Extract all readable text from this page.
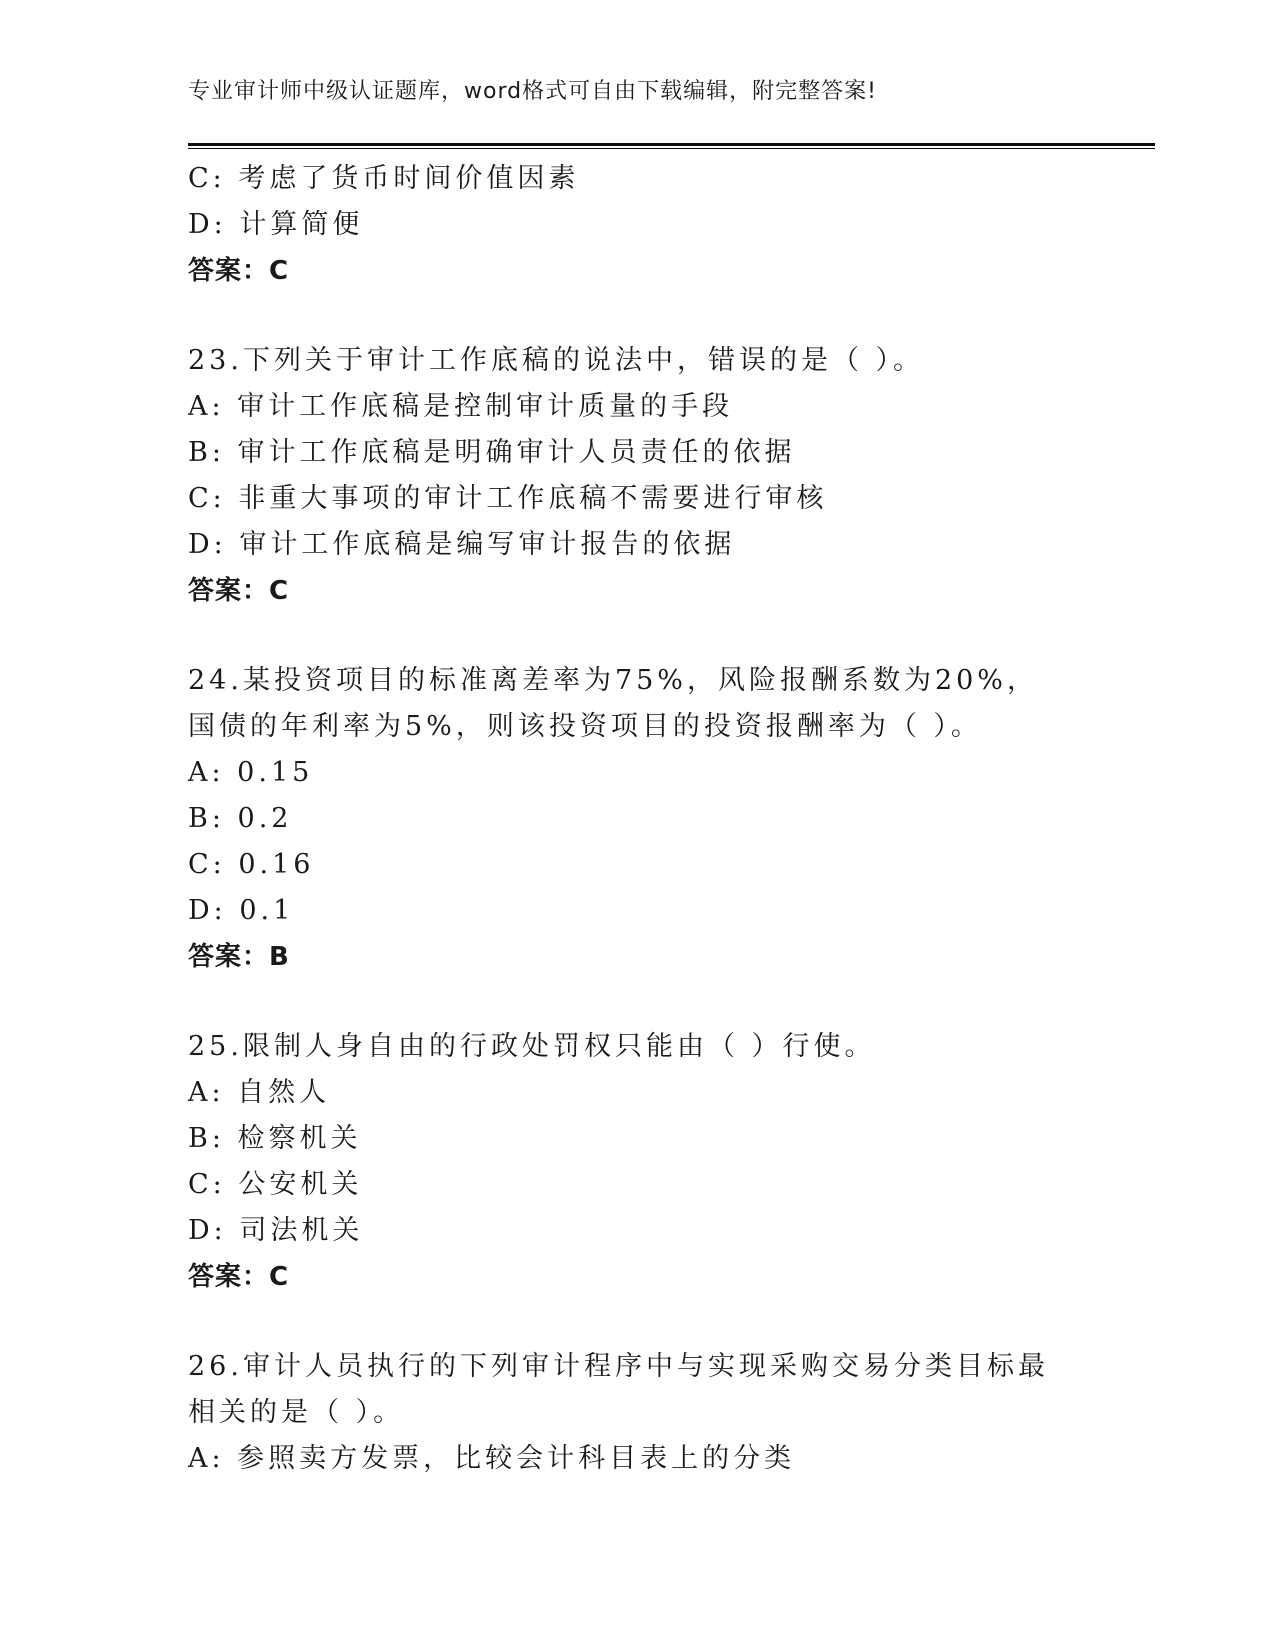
专业审计师中级认证题库，word格式可自由下载编辑，附完整答案!
C: 考虑了货币时间价值因素
D: 计算简便
答案：C
23.下列关于审计工作底稿的说法中，错误的是（ ）。
A: 审计工作底稿是控制审计质量的手段
B: 审计工作底稿是明确审计人员责任的依据
C: 非重大事项的审计工作底稿不需要进行审核
D: 审计工作底稿是编写审计报告的依据
答案：C
24.某投资项目的标准离差率为75%，风险报酬系数为20%，国债的年利率为5%，则该投资项目的投资报酬率为（ ）。
A: 0.15
B: 0.2
C: 0.16
D: 0.1
答案：B
25.限制人身自由的行政处罚权只能由（ ）行使。
A: 自然人
B: 检察机关
C: 公安机关
D: 司法机关
答案：C
26.审计人员执行的下列审计程序中与实现采购交易分类目标最相关的是（ ）。
A: 参照卖方发票，比较会计科目表上的分类
